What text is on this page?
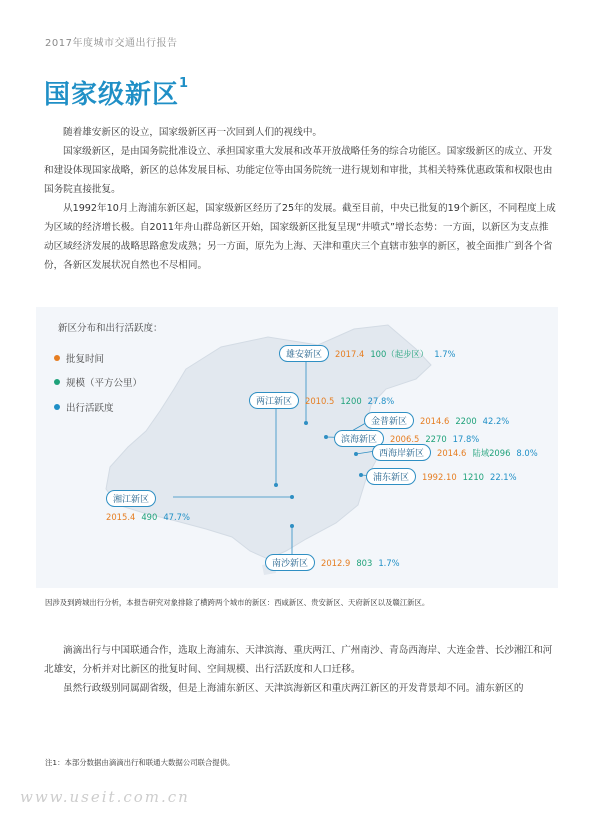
2017年度城市交通出行报告
国家级新区$^1$

随着雄安新区的设立，国家级新区再一次回到人们的视线中。

国家级新区，是由国务院批准设立、承担国家重大发展和改革开放战略任务的综合功能区。国家级新区的成立、开发和建设体现国家战略，新区的总体发展目标、功能定位等由国务院统一进行规划和审批，其相关特殊优惠政策和权限也由国务院直接批复。

从1992年10月上海浦东新区起，国家级新区经历了25年的发展。截至目前，中央已批复的19个新区，不同程度上成为区域的经济增长极。自2011年舟山群岛新区开始，国家级新区批复呈现“井喷式”增长态势：一方面，以新区为支点推动区域经济发展的战略思路愈发成熟；另一方面，原先为上海、天津和重庆三个直辖市独享的新区，被全面推广到各个省份，各新区发展状况自然也不尽相同。

新区分布和出行活跃度：
批复时间
规模（平方公里）
出行活跃度
雄安新区 2017.4 100（起步区） 1.7%
两江新区 2010.5 1200 27.8%
金普新区 2014.6 2200 42.2%
滨海新区 2006.5 2270 17.8%
西海岸新区 2014.6 陆域2096 8.0%
浦东新区 1992.10 1210 22.1%
湘江新区
2015.4 490 47.7%
南沙新区 2012.9 803 1.7%
因涉及到跨城出行分析，本报告研究对象排除了横跨两个城市的新区：西咸新区、贵安新区、天府新区以及赣江新区。

滴滴出行与中国联通合作，选取上海浦东、天津滨海、重庆两江、广州南沙、青岛西海岸、大连金普、长沙湘江和河北雄安，分析并对比新区的批复时间、空间规模、出行活跃度和人口迁移。

虽然行政级别同属副省级，但是上海浦东新区、天津滨海新区和重庆两江新区的开发背景却不同。浦东新区的

注1：本部分数据由滴滴出行和联通大数据公司联合提供。
www.useit.com.cn
